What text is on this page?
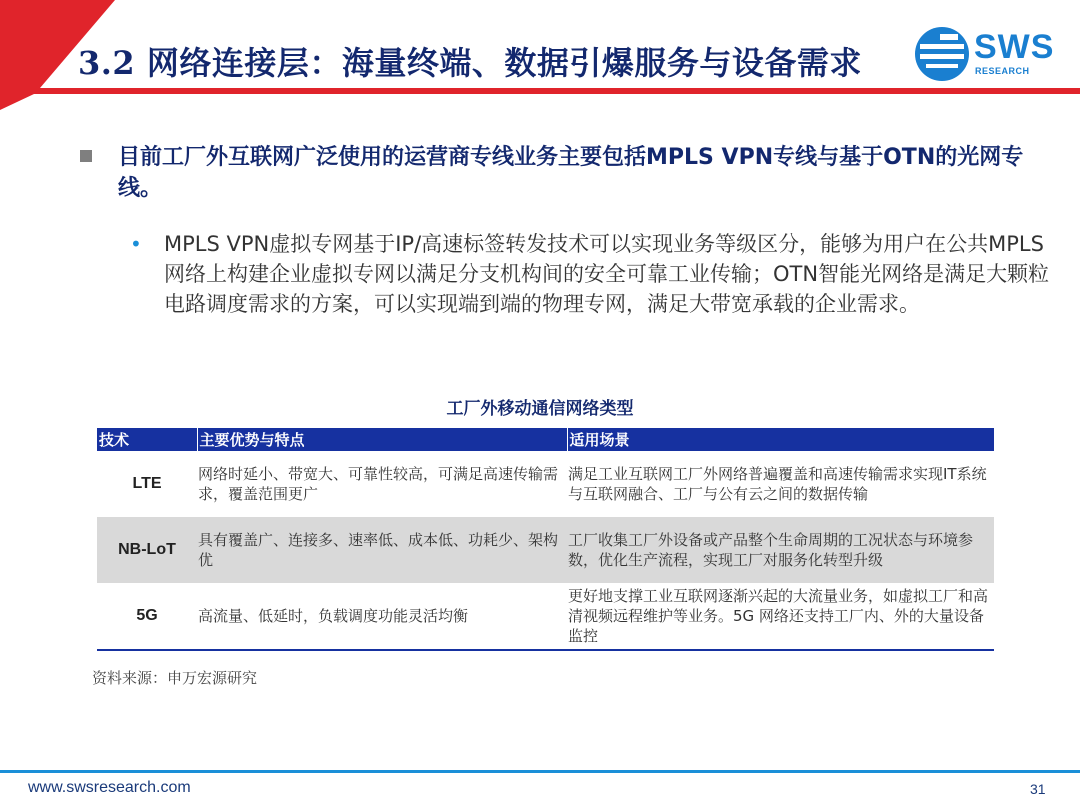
3.2 网络连接层：海量终端、数据引爆服务与设备需求	SWS
RESEARCH
目前工厂外互联网广泛使用的运营商专线业务主要包括MPLS VPN专线与基于OTN的光网专线。
• MPLS VPN虚拟专网基于IP/高速标签转发技术可以实现业务等级区分，能够为用户在公共MPLS网络上构建企业虚拟专网以满足分支机构间的安全可靠工业传输；OTN智能光网络是满足大颗粒电路调度需求的方案，可以实现端到端的物理专网，满足大带宽承载的企业需求。
工厂外移动通信网络类型
技术	主要优势与特点	适用场景
LTE	网络时延小、带宽大、可靠性较高，可满足高速传输需求，覆盖范围更广	满足工业互联网工厂外网络普遍覆盖和高速传输需求实现IT系统与互联网融合、工厂与公有云之间的数据传输
NB-LoT	具有覆盖广、连接多、速率低、成本低、功耗少、架构优	工厂收集工厂外设备或产品整个生命周期的工况状态与环境参数，优化生产流程，实现工厂对服务化转型升级
5G	高流量、低延时，负载调度功能灵活均衡	更好地支撑工业互联网逐渐兴起的大流量业务，如虚拟工厂和高清视频远程维护等业务。5G 网络还支持工厂内、外的大量设备监控
资料来源：申万宏源研究
www.swsresearch.com	31
